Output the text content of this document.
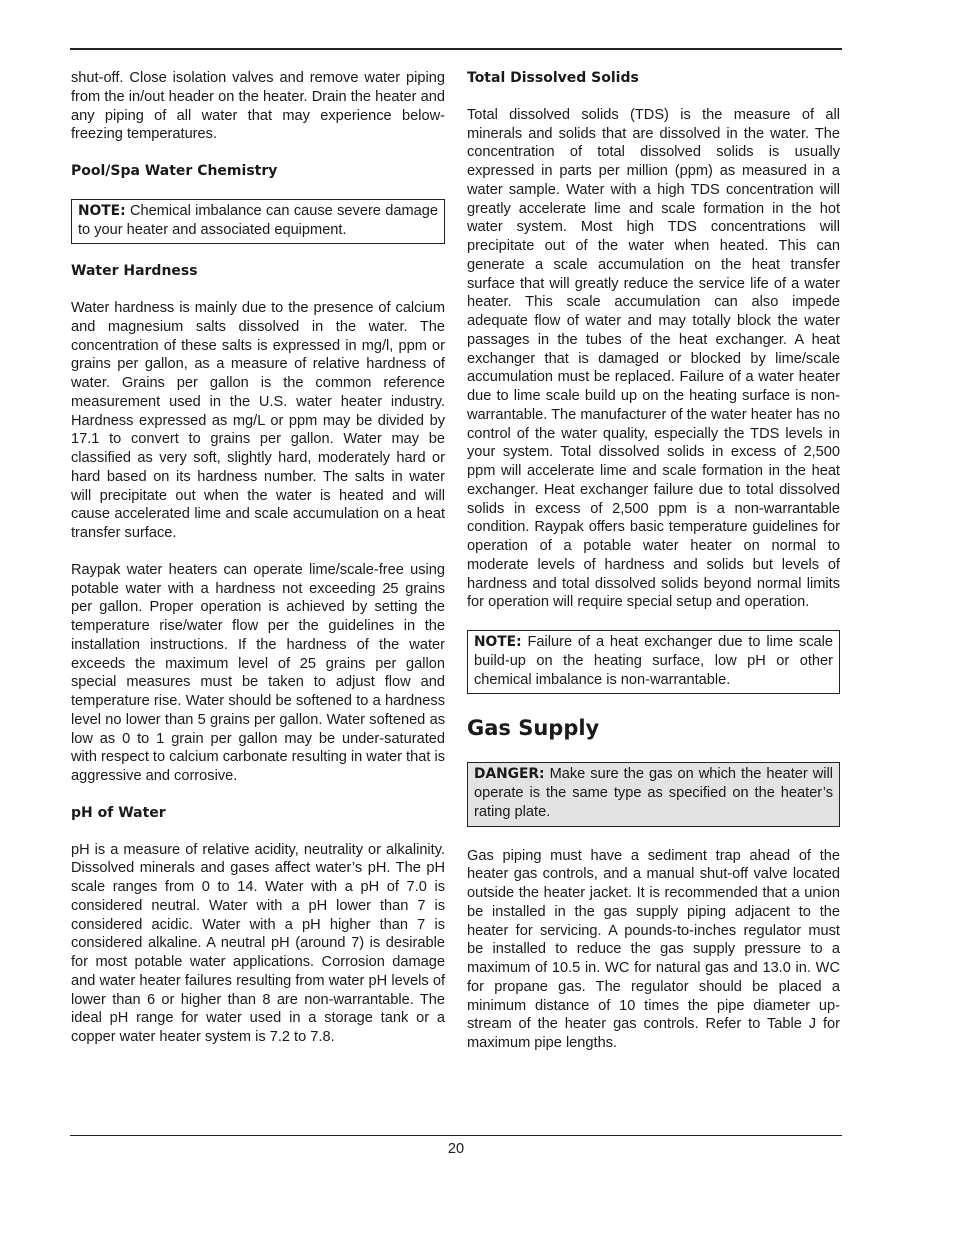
shut-off. Close isolation valves and remove water piping from the in/out header on the heater. Drain the heater and any piping of all water that may experience below-freezing temperatures.

Pool/Spa Water Chemistry

NOTE: Chemical imbalance can cause severe damage to your heater and associated equipment.

Water Hardness

Water hardness is mainly due to the presence of calcium and magnesium salts dissolved in the water. The concentration of these salts is expressed in mg/l, ppm or grains per gallon, as a measure of relative hardness of water. Grains per gallon is the common reference measurement used in the U.S. water heater industry. Hardness expressed as mg/L or ppm may be divided by 17.1 to convert to grains per gallon. Water may be classified as very soft, slightly hard, moderately hard or hard based on its hardness number. The salts in water will precipitate out when the water is heated and will cause accelerated lime and scale accumulation on a heat transfer surface.

Raypak water heaters can operate lime/scale-free using potable water with a hardness not exceeding 25 grains per gallon. Proper operation is achieved by setting the temperature rise/water flow per the guidelines in the installation instructions. If the hardness of the water exceeds the maximum level of 25 grains per gallon special measures must be taken to adjust flow and temperature rise. Water should be softened to a hardness level no lower than 5 grains per gallon. Water softened as low as 0 to 1 grain per gallon may be under-saturated with respect to calcium carbonate resulting in water that is aggressive and corrosive.

pH of Water

pH is a measure of relative acidity, neutrality or alkalinity. Dissolved minerals and gases affect water’s pH. The pH scale ranges from 0 to 14. Water with a pH of 7.0 is considered neutral. Water with a pH lower than 7 is considered acidic. Water with a pH higher than 7 is considered alkaline. A neutral pH (around 7) is desirable for most potable water applications. Corrosion damage and water heater failures resulting from water pH levels of lower than 6 or higher than 8 are non-warrantable. The ideal pH range for water used in a storage tank or a copper water heater system is 7.2 to 7.8.

Total Dissolved Solids

Total dissolved solids (TDS) is the measure of all minerals and solids that are dissolved in the water. The concentration of total dissolved solids is usually expressed in parts per million (ppm) as measured in a water sample. Water with a high TDS concentration will greatly accelerate lime and scale formation in the hot water system. Most high TDS concentrations will precipitate out of the water when heated. This can generate a scale accumulation on the heat transfer surface that will greatly reduce the service life of a water heater. This scale accumulation can also impede adequate flow of water and may totally block the water passages in the tubes of the heat exchanger. A heat exchanger that is damaged or blocked by lime/scale accumulation must be replaced. Failure of a water heater due to lime scale build up on the heating surface is non-warrantable. The manufacturer of the water heater has no control of the water quality, especially the TDS levels in your system. Total dissolved solids in excess of 2,500 ppm will accelerate lime and scale formation in the heat exchanger. Heat exchanger failure due to total dissolved solids in excess of 2,500 ppm is a non-warrantable condition. Raypak offers basic temperature guidelines for operation of a potable water heater on normal to moderate levels of hardness and solids but levels of hardness and total dissolved solids beyond normal limits for operation will require special setup and operation.

NOTE: Failure of a heat exchanger due to lime scale build-up on the heating surface, low pH or other chemical imbalance is non-warrantable.

Gas Supply

DANGER: Make sure the gas on which the heater will operate is the same type as specified on the heater’s rating plate.

Gas piping must have a sediment trap ahead of the heater gas controls, and a manual shut-off valve located outside the heater jacket. It is recommended that a union be installed in the gas supply piping adjacent to the heater for servicing. A pounds-to-inches regulator must be installed to reduce the gas supply pressure to a maximum of 10.5 in. WC for natural gas and 13.0 in. WC for propane gas. The regulator should be placed a minimum distance of 10 times the pipe diameter up-stream of the heater gas controls. Refer to Table J for maximum pipe lengths.

20
